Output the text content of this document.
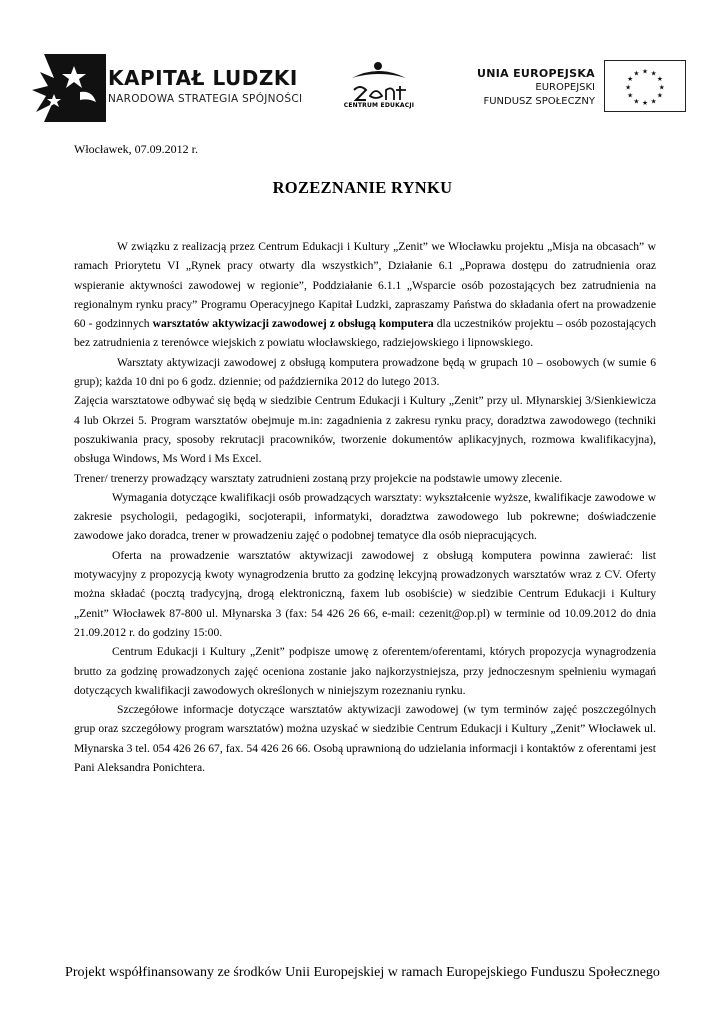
KAPITAŁ LUDZKI
NARODOWA STRATEGIA SPÓJNOŚCI
CENTRUM EDUKACJI
UNIA EUROPEJSKA
EUROPEJSKI
FUNDUSZ SPOŁECZNY
★ ★
★
★
★
★
★
★
★
★
★
★
Włocławek, 07.09.2012 r.
ROZEZNANIE RYNKU

W związku z realizacją przez Centrum Edukacji i Kultury „Zenit” we Włocławku projektu „Misja na obcasach” w ramach Priorytetu VI „Rynek pracy otwarty dla wszystkich”, Działanie 6.1 „Poprawa dostępu do zatrudnienia oraz wspieranie aktywności zawodowej w regionie”, Poddziałanie 6.1.1 „Wsparcie osób pozostających bez zatrudnienia na regionalnym rynku pracy” Programu Operacyjnego Kapitał Ludzki, zapraszamy Państwa do składania ofert na prowadzenie 60 - godzinnych warsztatów aktywizacji zawodowej z obsługą komputera dla uczestników projektu – osób pozostających bez zatrudnienia z terenówce wiejskich z powiatu włocławskiego, radziejowskiego i lipnowskiego.

Warsztaty aktywizacji zawodowej z obsługą komputera prowadzone będą w grupach 10 – osobowych (w sumie 6 grup); każda 10 dni po 6 godz. dziennie; od października 2012 do lutego 2013.

Zajęcia warsztatowe odbywać się będą w siedzibie Centrum Edukacji i Kultury „Zenit” przy ul. Młynarskiej 3/Sienkiewicza 4 lub Okrzei 5. Program warsztatów obejmuje m.in: zagadnienia z zakresu rynku pracy, doradztwa zawodowego (techniki poszukiwania pracy, sposoby rekrutacji pracowników, tworzenie dokumentów aplikacyjnych, rozmowa kwalifikacyjna), obsługa Windows, Ms Word i Ms Excel.

Trener/ trenerzy prowadzący warsztaty zatrudnieni zostaną przy projekcie na podstawie umowy zlecenie.

Wymagania dotyczące kwalifikacji osób prowadzących warsztaty: wykształcenie wyższe, kwalifikacje zawodowe w zakresie psychologii, pedagogiki, socjoterapii, informatyki, doradztwa zawodowego lub pokrewne; doświadczenie zawodowe jako doradca, trener w prowadzeniu zajęć o podobnej tematyce dla osób niepracujących.

Oferta na prowadzenie warsztatów aktywizacji zawodowej z obsługą komputera powinna zawierać: list motywacyjny z propozycją kwoty wynagrodzenia brutto za godzinę lekcyjną prowadzonych warsztatów wraz z CV. Oferty można składać (pocztą tradycyjną, drogą elektroniczną, faxem lub osobiście) w siedzibie Centrum Edukacji i Kultury „Zenit” Włocławek 87-800 ul. Młynarska 3 (fax: 54 426 26 66, e-mail: cezenit@op.pl) w terminie od 10.09.2012 do dnia 21.09.2012 r. do godziny 15:00.

Centrum Edukacji i Kultury „Zenit” podpisze umowę z oferentem/oferentami, których propozycja wynagrodzenia brutto za godzinę prowadzonych zajęć oceniona zostanie jako najkorzystniejsza, przy jednoczesnym spełnieniu wymagań dotyczących kwalifikacji zawodowych określonych w niniejszym rozeznaniu rynku.

Szczegółowe informacje dotyczące warsztatów aktywizacji zawodowej (w tym terminów zajęć poszczególnych grup oraz szczegółowy program warsztatów) można uzyskać w siedzibie Centrum Edukacji i Kultury „Zenit” Włocławek ul. Młynarska 3 tel. 054 426 26 67, fax. 54 426 26 66. Osobą uprawnioną do udzielania informacji i kontaktów z oferentami jest Pani Aleksandra Ponichtera.

Projekt współfinansowany ze środków Unii Europejskiej w ramach Europejskiego Funduszu Społecznego
